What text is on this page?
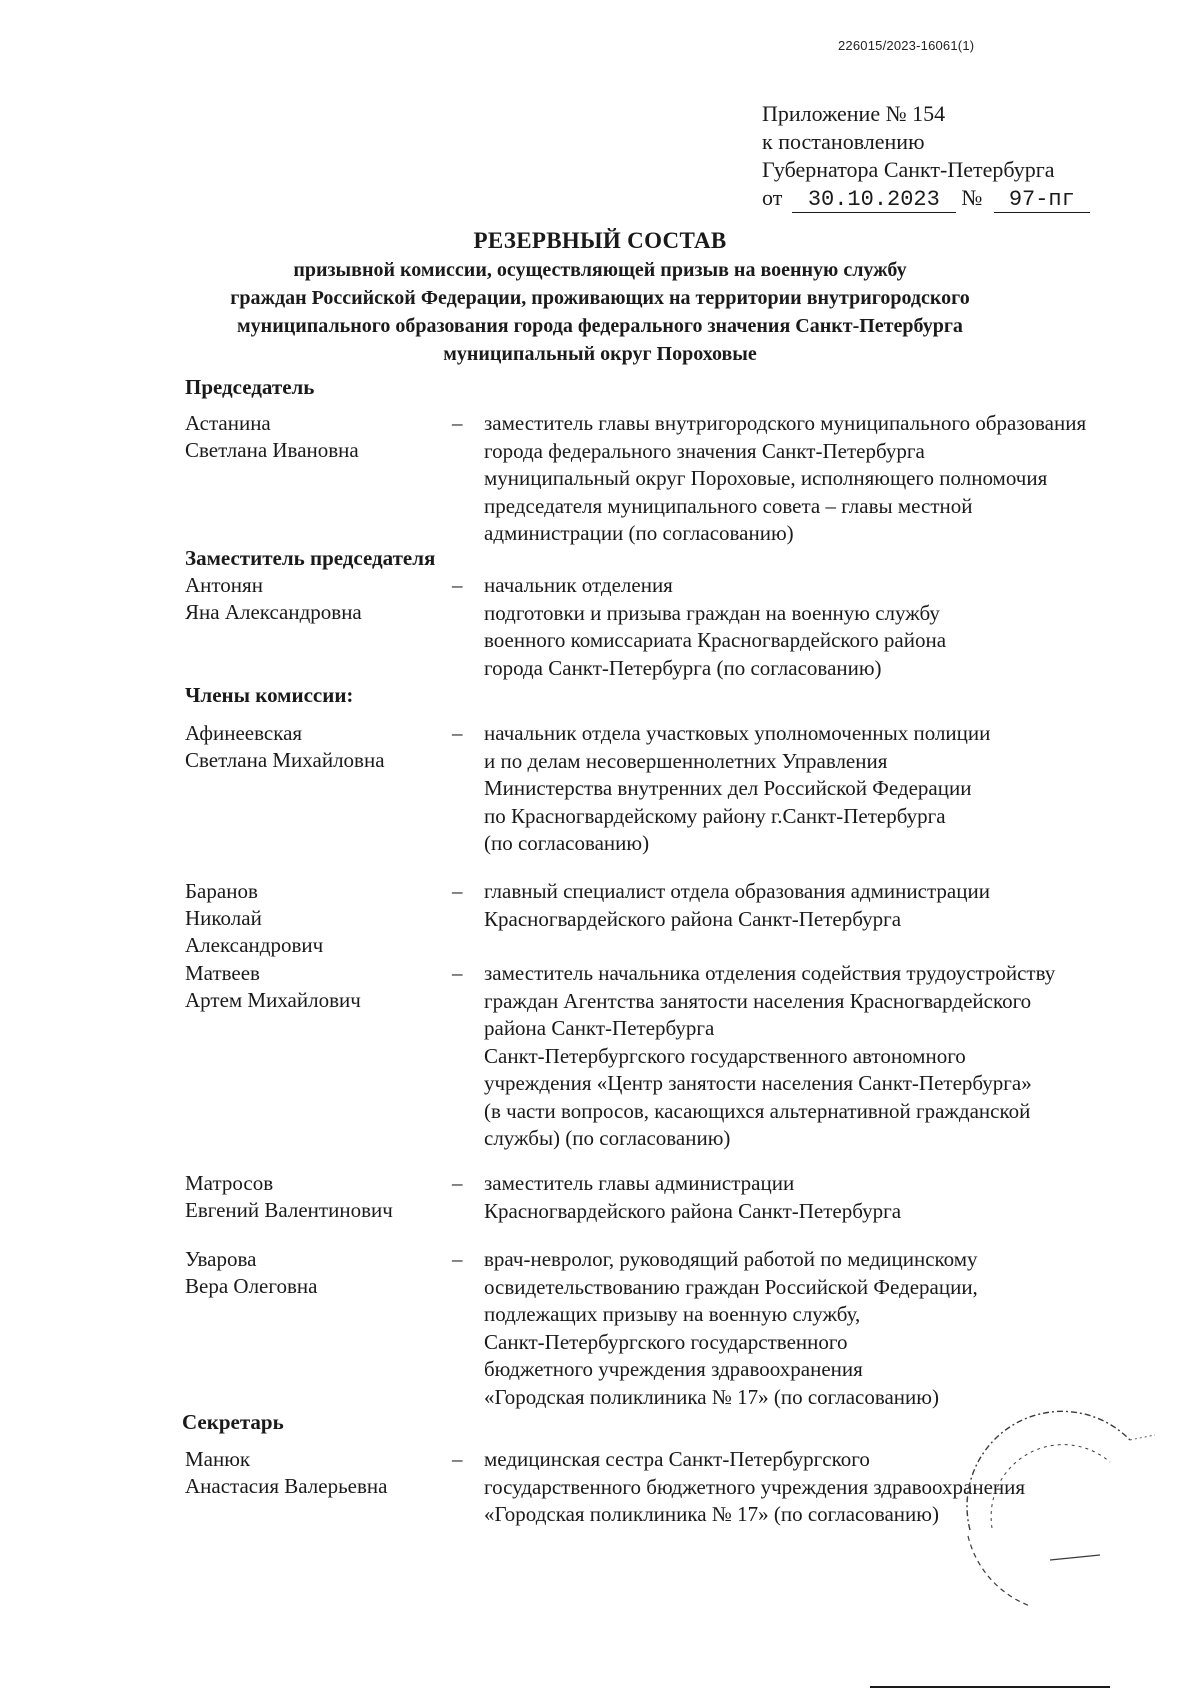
226015/2023-16061(1)
Приложение № 154
к постановлению
Губернатора Санкт-Петербурга
от 30.10.2023 № 97-пг
РЕЗЕРВНЫЙ СОСТАВ
призывной комиссии, осуществляющей призыв на военную службу
граждан Российской Федерации, проживающих на территории внутригородского
муниципального образования города федерального значения Санкт-Петербурга
муниципальный округ Пороховые
Председатель
Астанина
Светлана Ивановна
– заместитель главы внутригородского муниципального образования
города федерального значения Санкт-Петербурга
муниципальный округ Пороховые, исполняющего полномочия
председателя муниципального совета – главы местной
администрации (по согласованию)
Заместитель председателя
Антонян
Яна Александровна
– начальник отделения
подготовки и призыва граждан на военную службу
военного комиссариата Красногвардейского района
города Санкт-Петербурга (по согласованию)
Члены комиссии:
Афинеевская
Светлана Михайловна
– начальник отдела участковых уполномоченных полиции
и по делам несовершеннолетних Управления
Министерства внутренних дел Российской Федерации
по Красногвардейскому району г.Санкт-Петербурга
(по согласованию)
Баранов
Николай
Александрович
– главный специалист отдела образования администрации
Красногвардейского района Санкт-Петербурга
Матвеев
Артем Михайлович
– заместитель начальника отделения содействия трудоустройству
граждан Агентства занятости населения Красногвардейского
района Санкт-Петербурга
Санкт-Петербургского государственного автономного
учреждения «Центр занятости населения Санкт-Петербурга»
(в части вопросов, касающихся альтернативной гражданской
службы) (по согласованию)
Матросов
Евгений Валентинович
– заместитель главы администрации
Красногвардейского района Санкт-Петербурга
Уварова
Вера Олеговна
– врач-невролог, руководящий работой по медицинскому
освидетельствованию граждан Российской Федерации,
подлежащих призыву на военную службу,
Санкт-Петербургского государственного
бюджетного учреждения здравоохранения
«Городская поликлиника № 17» (по согласованию)
Секретарь
Манюк
Анастасия Валерьевна
– медицинская сестра Санкт-Петербургского
государственного бюджетного учреждения здравоохранения
«Городская поликлиника № 17» (по согласованию)
